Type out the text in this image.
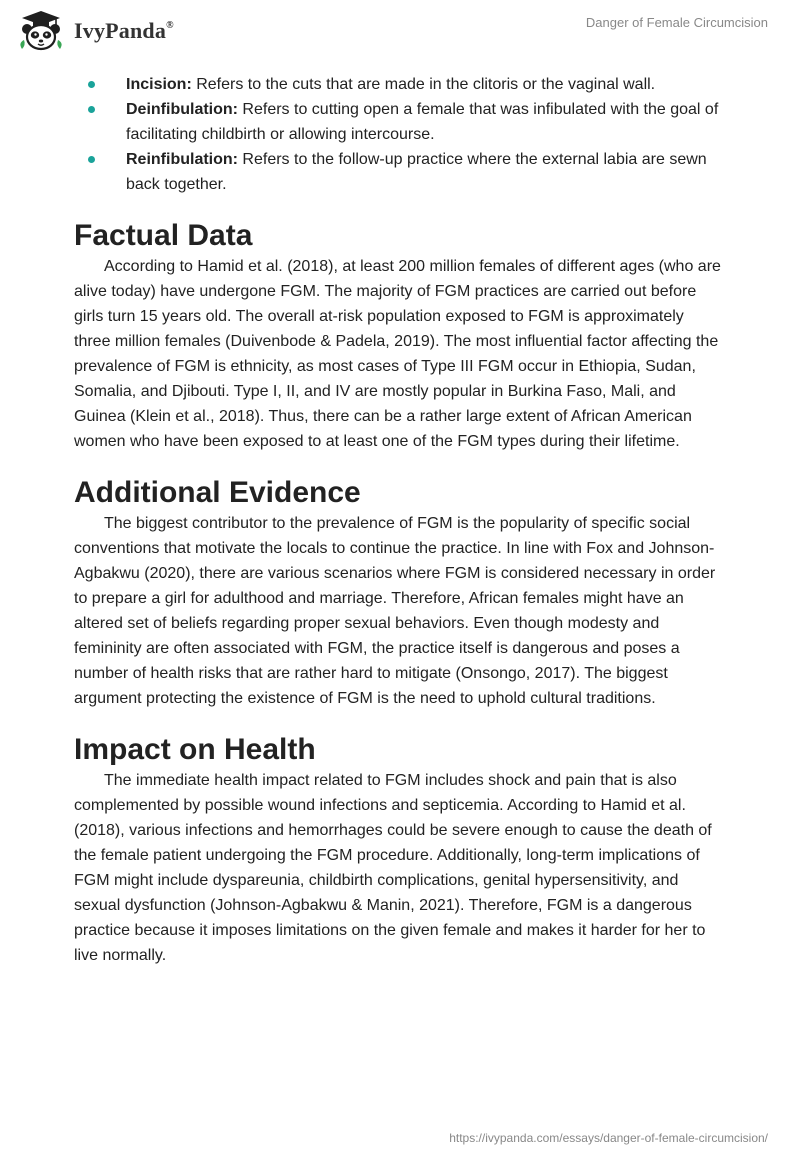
IvyPanda®	Danger of Female Circumcision
Incision: Refers to the cuts that are made in the clitoris or the vaginal wall.
Deinfibulation: Refers to cutting open a female that was infibulated with the goal of facilitating childbirth or allowing intercourse.
Reinfibulation: Refers to the follow-up practice where the external labia are sewn back together.
Factual Data

According to Hamid et al. (2018), at least 200 million females of different ages (who are alive today) have undergone FGM. The majority of FGM practices are carried out before girls turn 15 years old. The overall at-risk population exposed to FGM is approximately three million females (Duivenbode & Padela, 2019). The most influential factor affecting the prevalence of FGM is ethnicity, as most cases of Type III FGM occur in Ethiopia, Sudan, Somalia, and Djibouti. Type I, II, and IV are mostly popular in Burkina Faso, Mali, and Guinea (Klein et al., 2018). Thus, there can be a rather large extent of African American women who have been exposed to at least one of the FGM types during their lifetime.

Additional Evidence

The biggest contributor to the prevalence of FGM is the popularity of specific social conventions that motivate the locals to continue the practice. In line with Fox and Johnson-Agbakwu (2020), there are various scenarios where FGM is considered necessary in order to prepare a girl for adulthood and marriage. Therefore, African females might have an altered set of beliefs regarding proper sexual behaviors. Even though modesty and femininity are often associated with FGM, the practice itself is dangerous and poses a number of health risks that are rather hard to mitigate (Onsongo, 2017). The biggest argument protecting the existence of FGM is the need to uphold cultural traditions.

Impact on Health

The immediate health impact related to FGM includes shock and pain that is also complemented by possible wound infections and septicemia. According to Hamid et al. (2018), various infections and hemorrhages could be severe enough to cause the death of the female patient undergoing the FGM procedure. Additionally, long-term implications of FGM might include dyspareunia, childbirth complications, genital hypersensitivity, and sexual dysfunction (Johnson-Agbakwu & Manin, 2021). Therefore, FGM is a dangerous practice because it imposes limitations on the given female and makes it harder for her to live normally.

https://ivypanda.com/essays/danger-of-female-circumcision/
